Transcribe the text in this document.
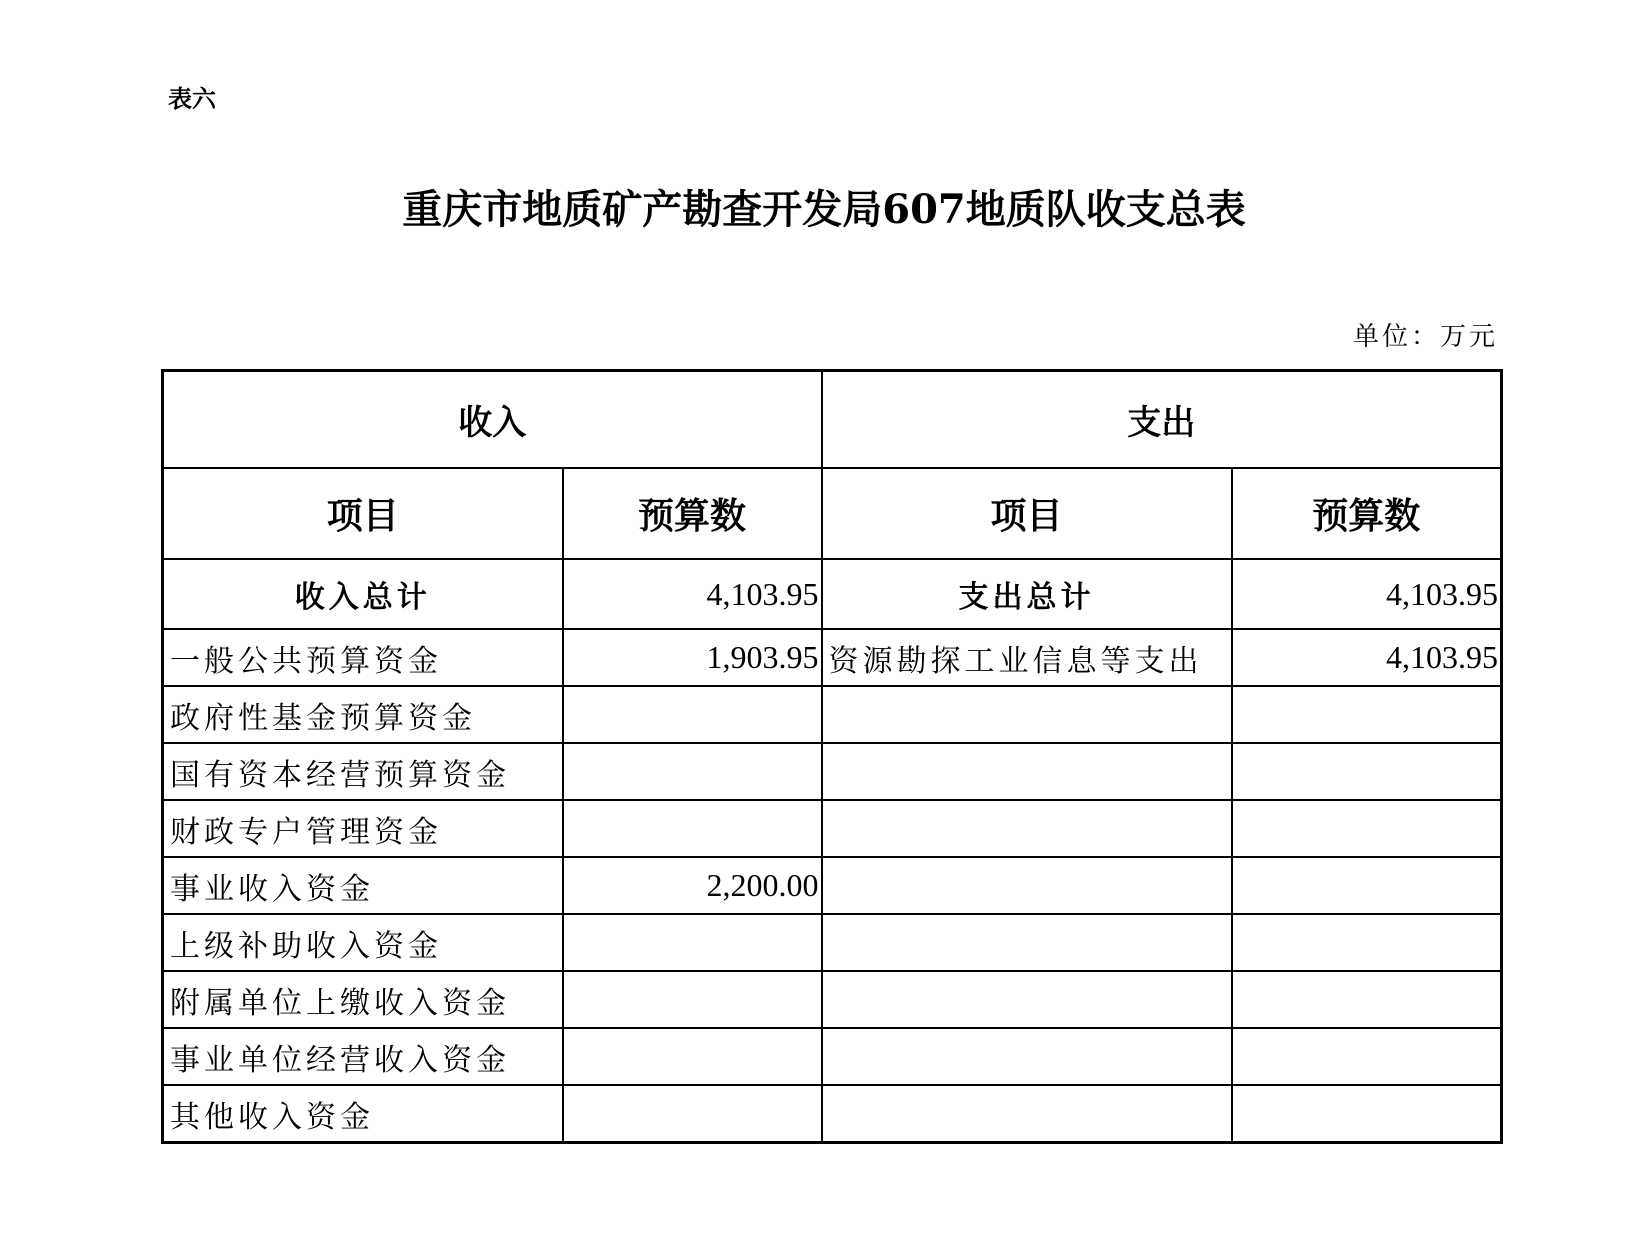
表六
重庆市地质矿产勘查开发局607地质队收支总表
单位：万元
收入		支出	
项目	预算数	项目	预算数
收入总计	4,103.95	支出总计	4,103.95
一般公共预算资金	1,903.95	资源勘探工业信息等支出	4,103.95
政府性基金预算资金			
国有资本经营预算资金			
财政专户管理资金			
事业收入资金	2,200.00		
上级补助收入资金			
附属单位上缴收入资金			
事业单位经营收入资金			
其他收入资金			
